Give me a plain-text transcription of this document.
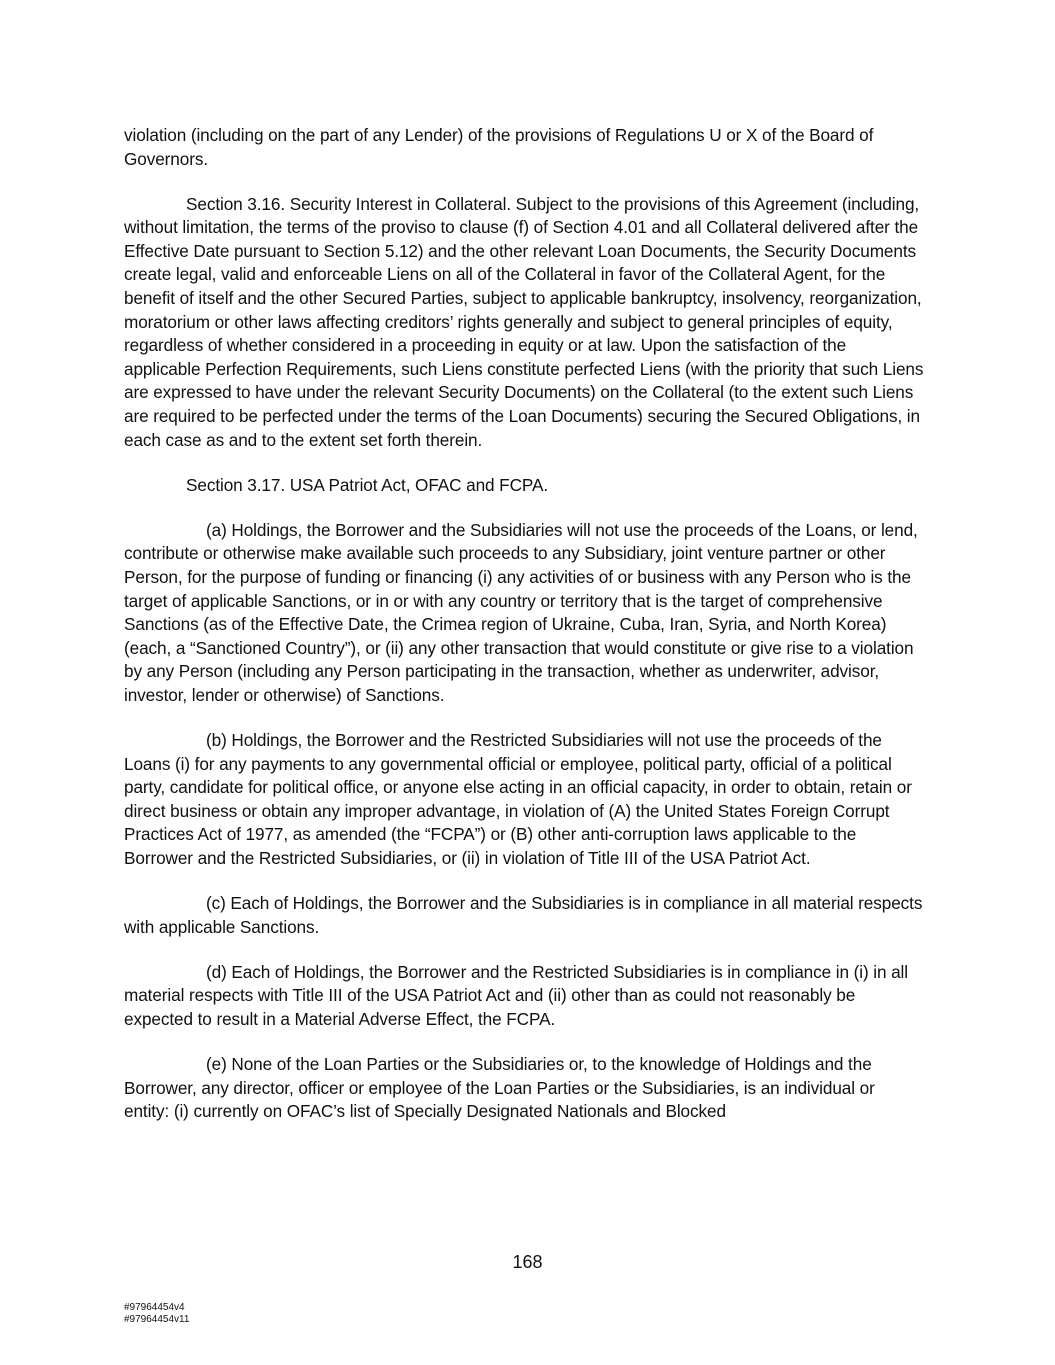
violation (including on the part of any Lender) of the provisions of Regulations U or X of the Board of Governors.

Section 3.16. Security Interest in Collateral. Subject to the provisions of this Agreement (including, without limitation, the terms of the proviso to clause (f) of Section 4.01 and all Collateral delivered after the Effective Date pursuant to Section 5.12) and the other relevant Loan Documents, the Security Documents create legal, valid and enforceable Liens on all of the Collateral in favor of the Collateral Agent, for the benefit of itself and the other Secured Parties, subject to applicable bankruptcy, insolvency, reorganization, moratorium or other laws affecting creditors’ rights generally and subject to general principles of equity, regardless of whether considered in a proceeding in equity or at law. Upon the satisfaction of the applicable Perfection Requirements, such Liens constitute perfected Liens (with the priority that such Liens are expressed to have under the relevant Security Documents) on the Collateral (to the extent such Liens are required to be perfected under the terms of the Loan Documents) securing the Secured Obligations, in each case as and to the extent set forth therein.

Section 3.17. USA Patriot Act, OFAC and FCPA.

(a) Holdings, the Borrower and the Subsidiaries will not use the proceeds of the Loans, or lend, contribute or otherwise make available such proceeds to any Subsidiary, joint venture partner or other Person, for the purpose of funding or financing (i) any activities of or business with any Person who is the target of applicable Sanctions, or in or with any country or territory that is the target of comprehensive Sanctions (as of the Effective Date, the Crimea region of Ukraine, Cuba, Iran, Syria, and North Korea) (each, a “Sanctioned Country”), or (ii) any other transaction that would constitute or give rise to a violation by any Person (including any Person participating in the transaction, whether as underwriter, advisor, investor, lender or otherwise) of Sanctions.

(b) Holdings, the Borrower and the Restricted Subsidiaries will not use the proceeds of the Loans (i) for any payments to any governmental official or employee, political party, official of a political party, candidate for political office, or anyone else acting in an official capacity, in order to obtain, retain or direct business or obtain any improper advantage, in violation of (A) the United States Foreign Corrupt Practices Act of 1977, as amended (the “FCPA”) or (B) other anti-corruption laws applicable to the Borrower and the Restricted Subsidiaries, or (ii) in violation of Title III of the USA Patriot Act.

(c) Each of Holdings, the Borrower and the Subsidiaries is in compliance in all material respects with applicable Sanctions.

(d) Each of Holdings, the Borrower and the Restricted Subsidiaries is in compliance in (i) in all material respects with Title III of the USA Patriot Act and (ii) other than as could not reasonably be expected to result in a Material Adverse Effect, the FCPA.

(e) None of the Loan Parties or the Subsidiaries or, to the knowledge of Holdings and the Borrower, any director, officer or employee of the Loan Parties or the Subsidiaries, is an individual or entity: (i) currently on OFAC’s list of Specially Designated Nationals and Blocked

168
#97964454v4
#97964454v11
